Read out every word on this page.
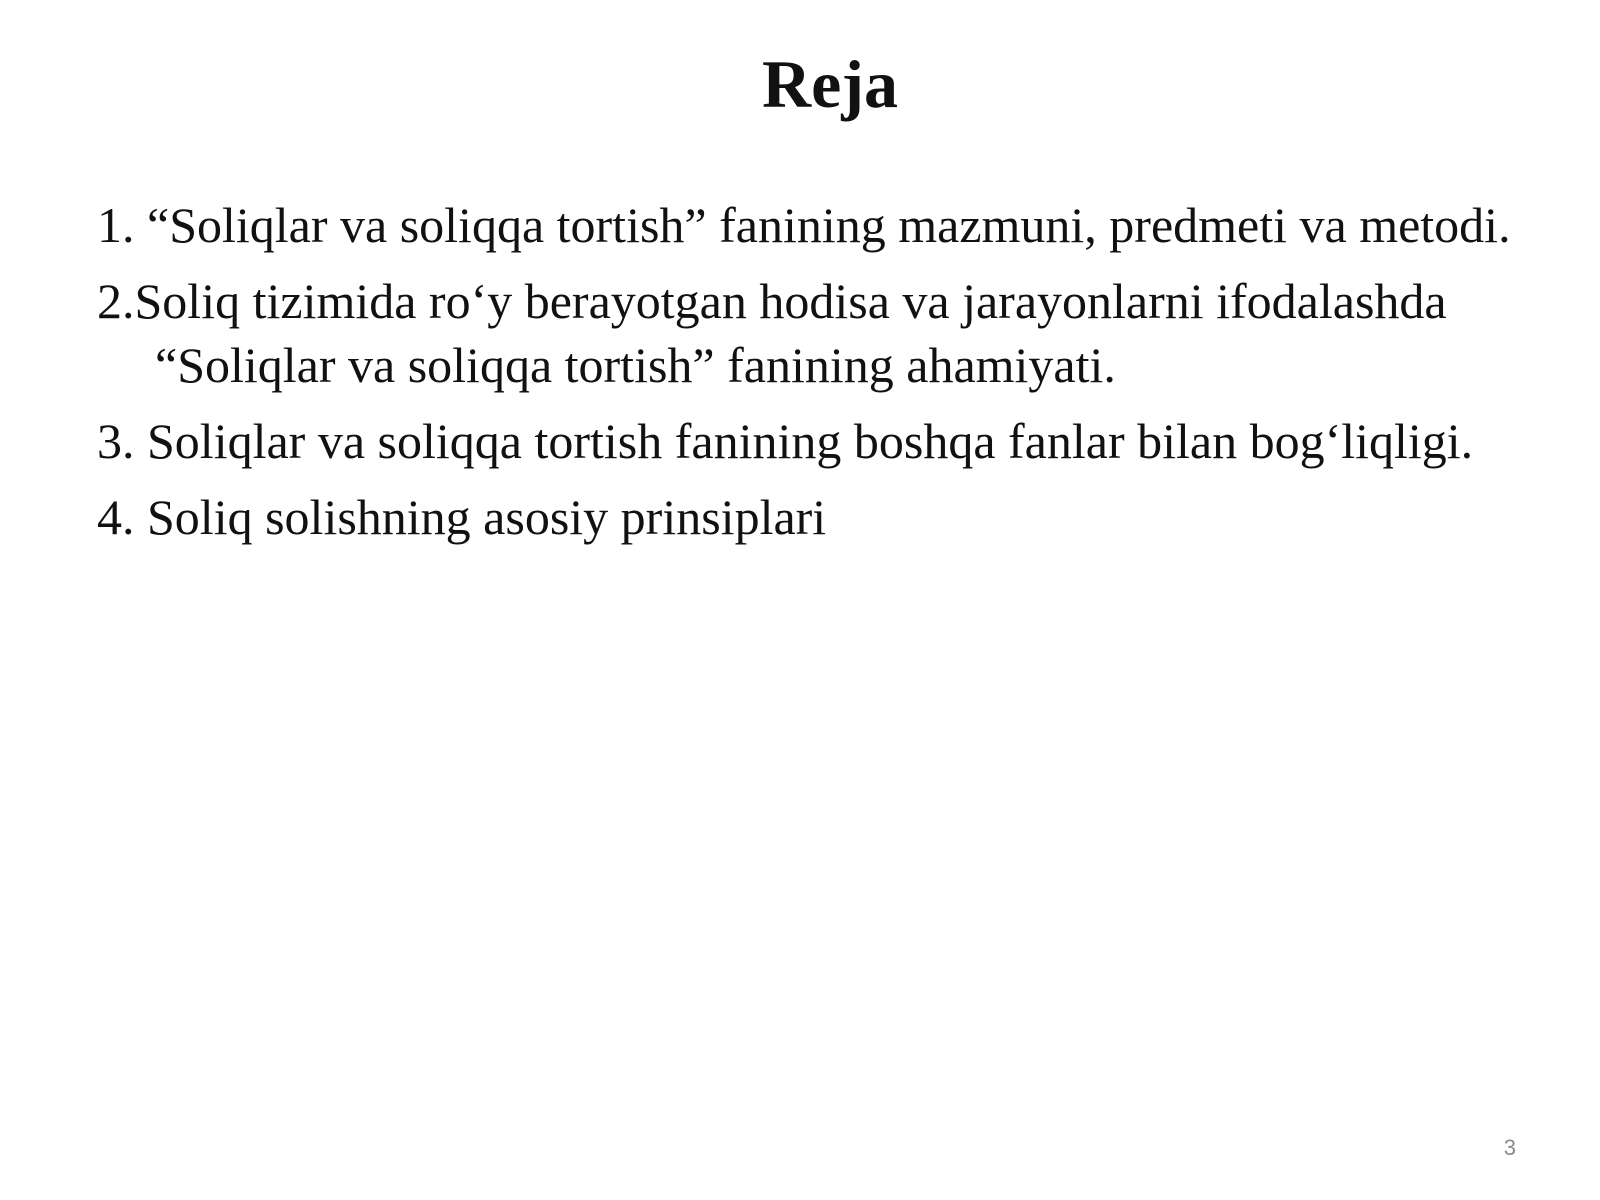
Reja
1. “Soliqlar va soliqqa tortish” fanining mazmuni, predmeti va metodi.
2.Soliq tizimida ro‘y berayotgan hodisa va jarayonlarni ifodalashda “Soliqlar va soliqqa tortish” fanining ahamiyati.
3. Soliqlar va soliqqa tortish fanining boshqa fanlar bilan bog‘liqligi.
4. Soliq solishning asosiy prinsiplari
3
